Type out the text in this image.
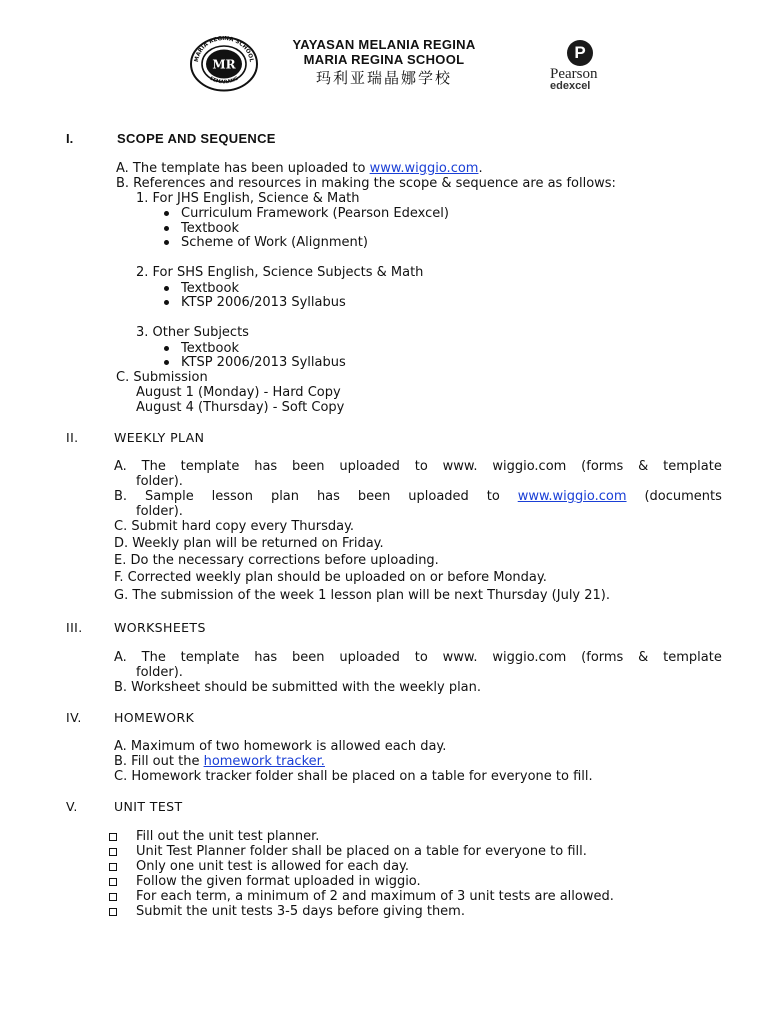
MARIA REGINA SCHOOL
SEMARANG
MR
YAYASAN MELANIA REGINA
MARIA REGINA SCHOOL
玛利亚瑞晶娜学校
P
Pearson
edexcel
I.	SCOPE AND SEQUENCE
A. The template has been uploaded to www.wiggio.com.
B. References and resources in making the scope & sequence are as follows:
1. For JHS English, Science & Math
Curriculum Framework (Pearson Edexcel)
Textbook
Scheme of Work (Alignment)
2. For SHS English, Science Subjects & Math
Textbook
KTSP 2006/2013 Syllabus
3. Other Subjects
Textbook
KTSP 2006/2013 Syllabus
C. Submission
August 1 (Monday) - Hard Copy
August 4 (Thursday) - Soft Copy
II.	WEEKLY PLAN
A. The template has been uploaded to www. wiggio.com (forms & template
folder).
B. Sample lesson plan has been uploaded to www.wiggio.com (documents
folder).
C. Submit hard copy every Thursday.
D. Weekly plan will be returned on Friday.
E. Do the necessary corrections before uploading.
F. Corrected weekly plan should be uploaded on or before Monday.
G. The submission of the week 1 lesson plan will be next Thursday (July 21).
III.	WORKSHEETS
A. The template has been uploaded to www. wiggio.com (forms & template
folder).
B. Worksheet should be submitted with the weekly plan.
IV.	HOMEWORK
A. Maximum of two homework is allowed each day.
B. Fill out the homework tracker.
C. Homework tracker folder shall be placed on a table for everyone to fill.
V.	UNIT TEST
Fill out the unit test planner.
Unit Test Planner folder shall be placed on a table for everyone to fill.
Only one unit test is allowed for each day.
Follow the given format uploaded in wiggio.
For each term, a minimum of 2 and maximum of 3 unit tests are allowed.
Submit the unit tests 3-5 days before giving them.
